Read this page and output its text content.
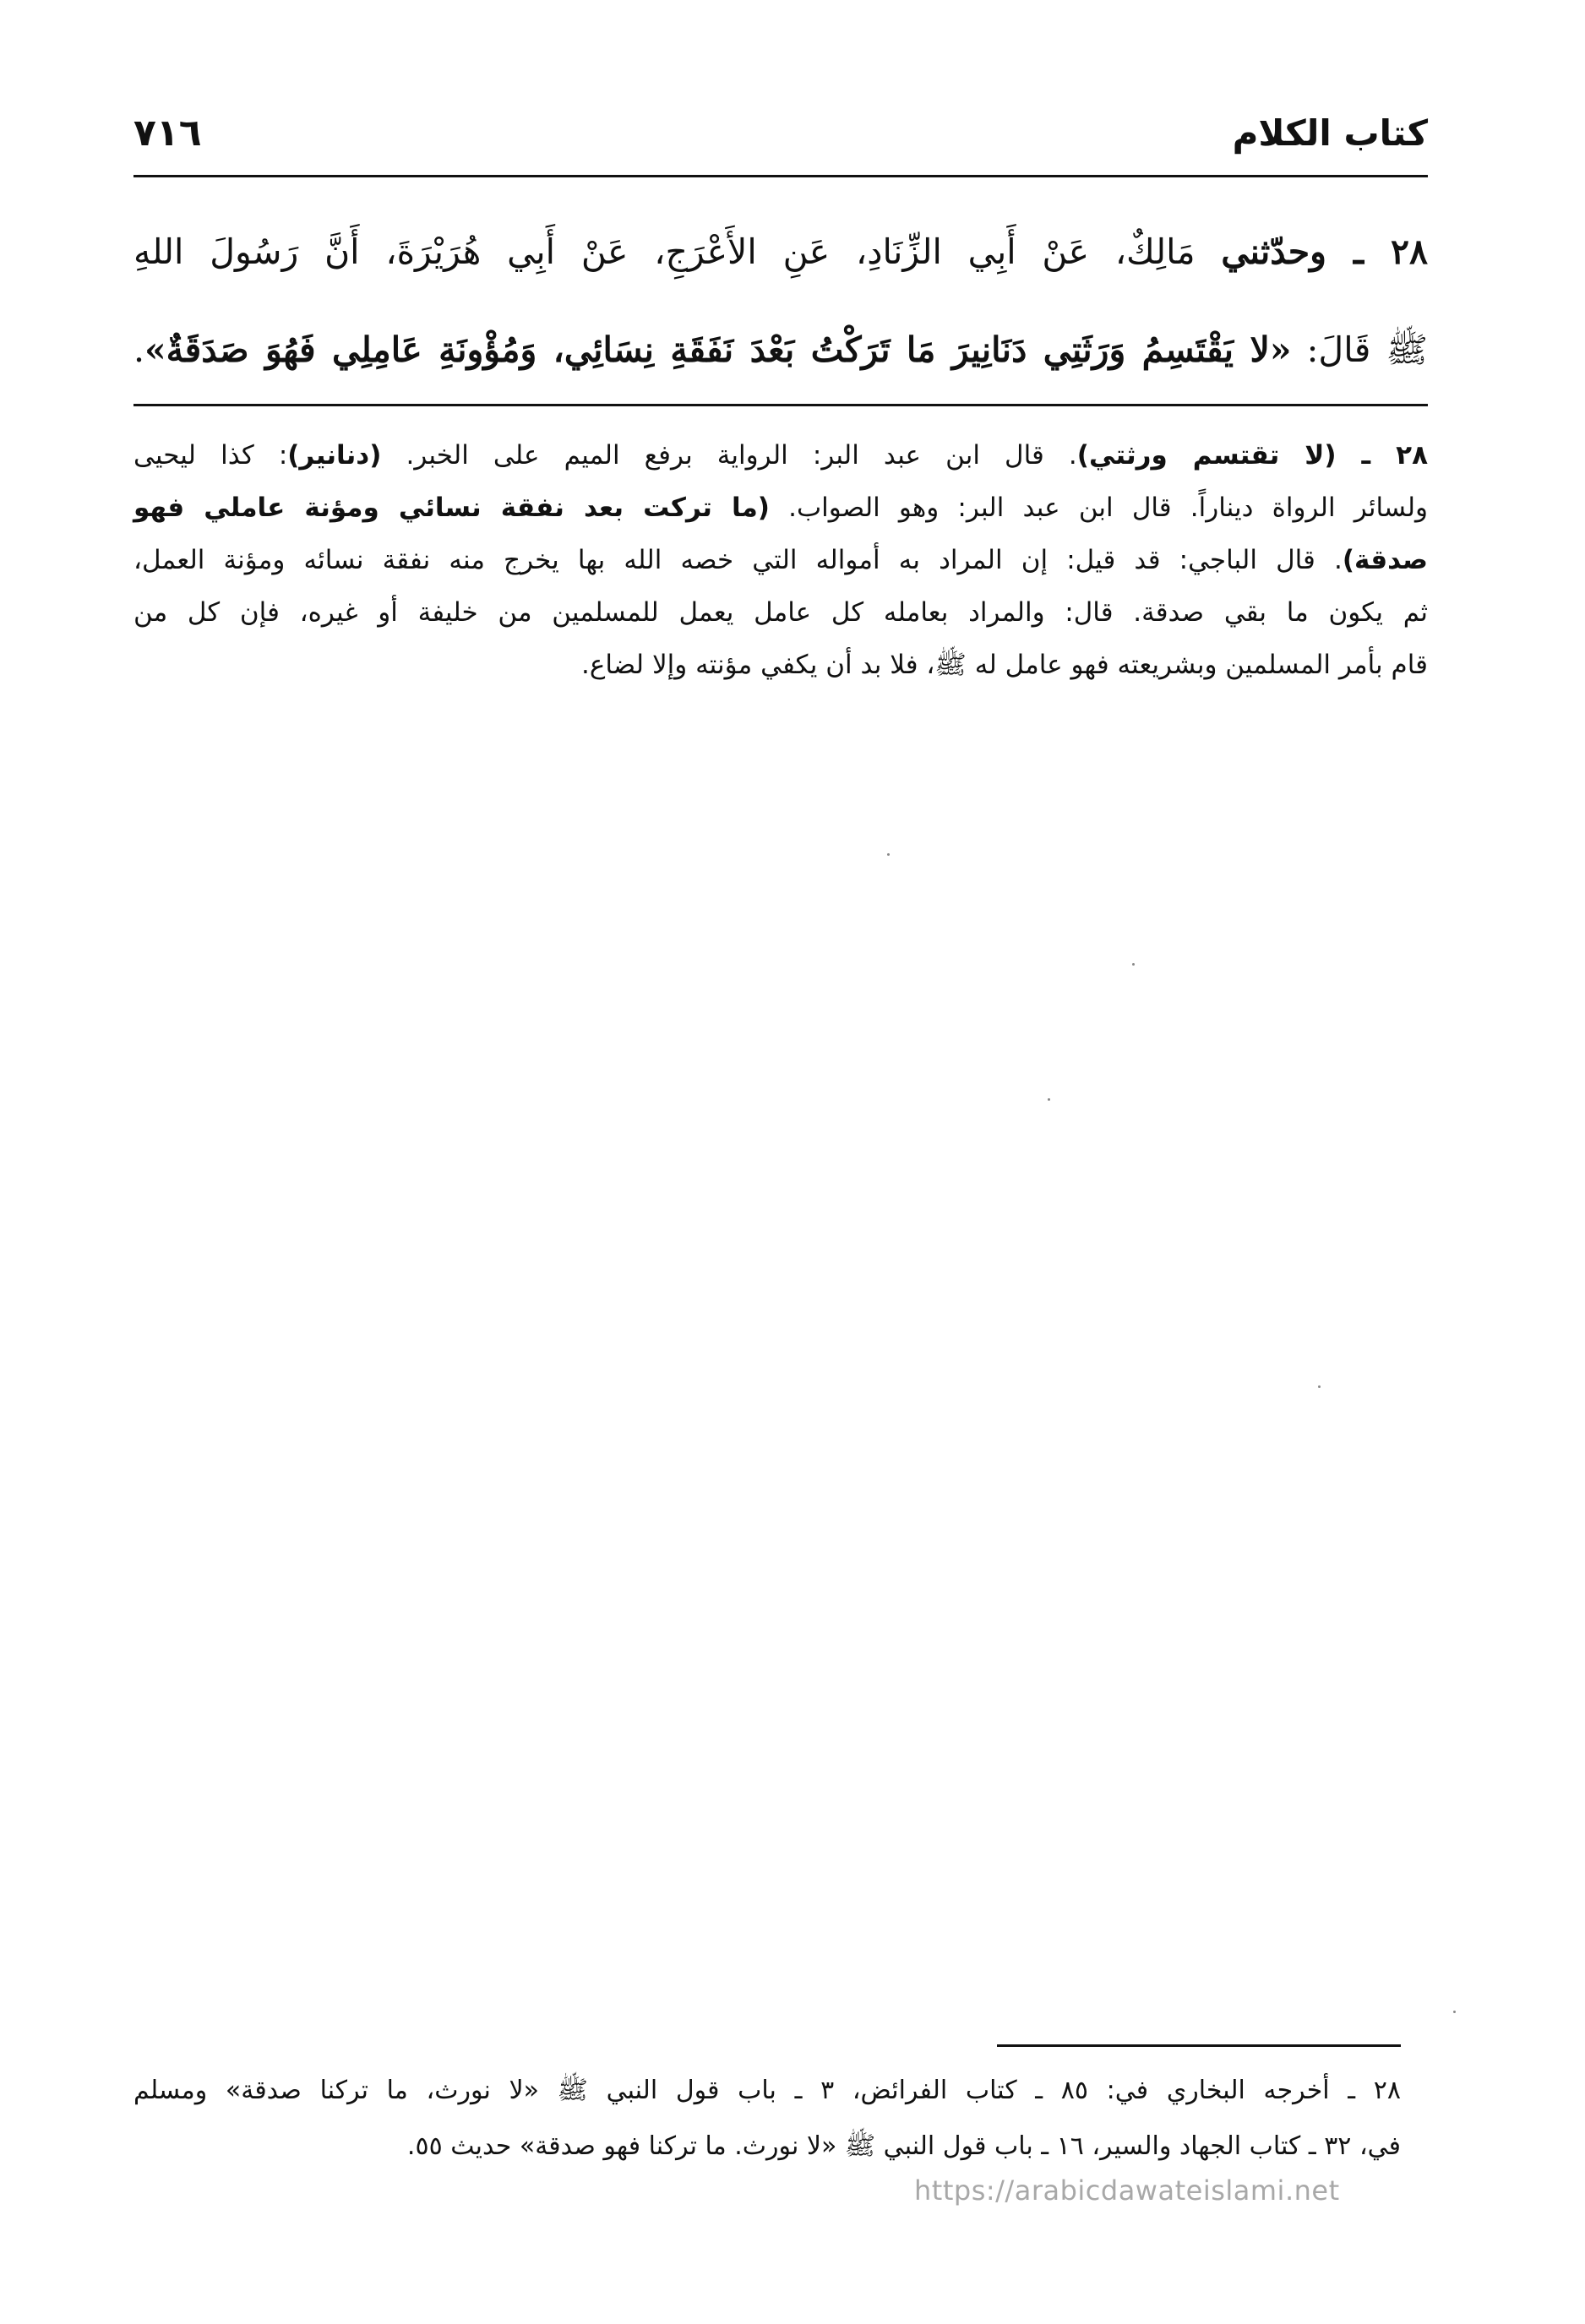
٧١٦	كتاب الكلام
٢٨ ـ وحدّثني مَالِكٌ، عَنْ أَبِي الزِّنَادِ، عَنِ الأَعْرَجِ، عَنْ أَبِي هُرَيْرَةَ، أَنَّ رَسُولَ اللهِ
ﷺ قَالَ: «لا يَقْتَسِمُ وَرَثَتِي دَنَانِيرَ مَا تَرَكْتُ بَعْدَ نَفَقَةِ نِسَائِي، وَمُؤْونَةِ عَامِلِي فَهُوَ صَدَقَةٌ».
٢٨ ـ (لا تقتسم ورثتي). قال ابن عبد البر: الرواية برفع الميم على الخبر. (دنانير): كذا ليحيى
ولسائر الرواة ديناراً. قال ابن عبد البر: وهو الصواب. (ما تركت بعد نفقة نسائي ومؤنة عاملي فهو
صدقة). قال الباجي: قد قيل: إن المراد به أمواله التي خصه الله بها يخرج منه نفقة نسائه ومؤنة العمل،
ثم يكون ما بقي صدقة. قال: والمراد بعامله كل عامل يعمل للمسلمين من خليفة أو غيره، فإن كل من
قام بأمر المسلمين وبشريعته فهو عامل له ﷺ، فلا بد أن يكفي مؤنته وإلا لضاع.
٢٨ ـ أخرجه البخاري في: ٨٥ ـ كتاب الفرائض، ٣ ـ باب قول النبي ﷺ «لا نورث، ما تركنا صدقة» ومسلم
في، ٣٢ ـ كتاب الجهاد والسير، ١٦ ـ باب قول النبي ﷺ «لا نورث. ما تركنا فهو صدقة» حديث ٥٥.
https://arabicdawateislami.net
